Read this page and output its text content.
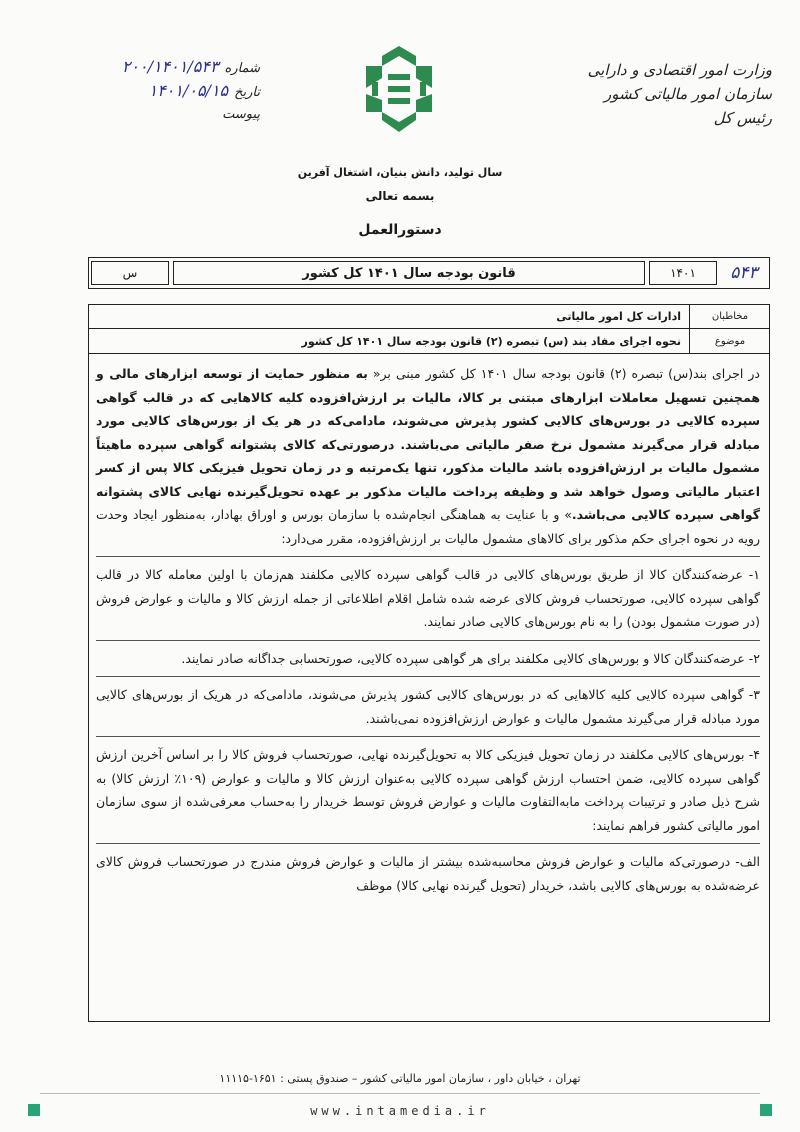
وزارت امور اقتصادی و دارایی
سازمان امور مالیاتی کشور
رئیس کل
شماره
۲۰۰/۱۴۰۱/۵۴۳
تاریخ
۱۴۰۱/۰۵/۱۵
پیوست
سال تولید، دانش بنیان، اشتغال آفرین
بسمه تعالی
دستورالعمل
۵۴۳
۱۴۰۱
قانون بودجه سال ۱۴۰۱ کل کشور
س
مخاطبان
ادارات کل امور مالیاتی
موضوع
نحوه اجرای مفاد بند (س) تبصره (۲) قانون بودجه سال ۱۴۰۱ کل کشور

در اجرای بند(س) تبصره (۲) قانون بودجه سال ۱۴۰۱ کل کشور مبنی بر« به منظور حمایت از توسعه ابزارهای مالی و همچنین تسهیل معاملات ابزارهای مبتنی بر کالا، مالیات بر ارزش‌افزوده کلیه کالاهایی که در قالب گواهی سپرده کالایی در بورس‌های کالایی کشور پذیرش می‌شوند، مادامی‌که در هر یک از بورس‌های کالایی مورد مبادله قرار می‌گیرند مشمول نرخ صفر مالیاتی می‌باشند. درصورتی‌که کالای پشتوانه گواهی سپرده ماهیتاً مشمول مالیات بر ارزش‌افزوده باشد مالیات مذکور، تنها یک‌مرتبه و در زمان تحویل فیزیکی کالا پس از کسر اعتبار مالیاتی وصول خواهد شد و وظیفه پرداخت مالیات مذکور بر عهده تحویل‌گیرنده نهایی کالای پشتوانه گواهی سپرده کالایی می‌باشد.» و با عنایت به هماهنگی انجام‌شده با سازمان بورس و اوراق بهادار، به‌منظور ایجاد وحدت رویه در نحوه اجرای حکم مذکور برای کالاهای مشمول مالیات بر ارزش‌افزوده، مقرر می‌دارد:

۱- عرضه‌کنندگان کالا از طریق بورس‌های کالایی در قالب گواهی سپرده کالایی مکلفند هم‌زمان با اولین معامله کالا در قالب گواهی سپرده کالایی، صورتحساب فروش کالای عرضه شده شامل اقلام اطلاعاتی از جمله ارزش کالا و مالیات و عوارض فروش (در صورت مشمول بودن) را به نام بورس‌های کالایی صادر نمایند.

۲- عرضه‌کنندگان کالا و بورس‌های کالایی مکلفند برای هر گواهی سپرده کالایی، صورتحسابی جداگانه صادر نمایند.

۳- گواهی سپرده کالایی کلیه کالاهایی که در بورس‌های کالایی کشور پذیرش می‌شوند، مادامی‌که در هریک از بورس‌های کالایی مورد مبادله قرار می‌گیرند مشمول مالیات و عوارض ارزش‌افزوده نمی‌باشند.

۴- بورس‌های کالایی مکلفند در زمان تحویل فیزیکی کالا به تحویل‌گیرنده نهایی، صورتحساب فروش کالا را بر اساس آخرین ارزش گواهی سپرده کالایی، ضمن احتساب ارزش گواهی سپرده کالایی به‌عنوان ارزش کالا و مالیات و عوارض (۱۰۹٪ ارزش کالا) به شرح ذیل صادر و ترتیبات پرداخت مابه‌التفاوت مالیات و عوارض فروش توسط خریدار را به‌حساب معرفی‌شده از سوی سازمان امور مالیاتی کشور فراهم نمایند:

الف- درصورتی‌که مالیات و عوارض فروش محاسبه‌شده بیشتر از مالیات و عوارض فروش مندرج در صورتحساب فروش کالای عرضه‌شده به بورس‌های کالایی باشد، خریدار (تحویل گیرنده نهایی کالا) موظف

تهران ، خیابان داور ، سازمان امور مالیاتی کشور – صندوق پستی : ۱۶۵۱-۱۱۱۱۵
www.intamedia.ir
